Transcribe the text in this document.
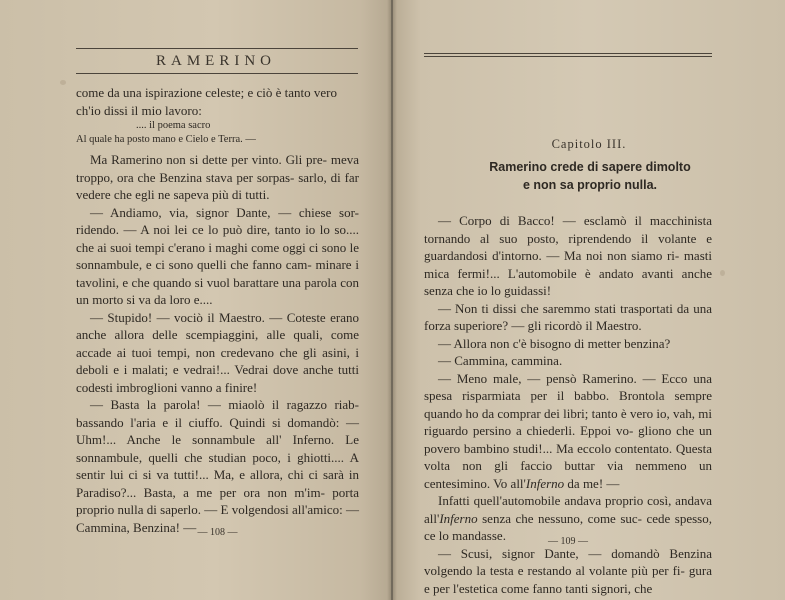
RAMERINO

come da una ispirazione celeste; e ciò è tanto vero

ch'io dissi il mio lavoro:

.... il poema sacro

Al quale ha posto mano e Cielo e Terra. —

Ma Ramerino non si dette per vinto. Gli pre- meva troppo, ora che Benzina stava per sorpas- sarlo, di far vedere che egli ne sapeva più di tutti.

— Andiamo, via, signor Dante, — chiese sor- ridendo. — A noi lei ce lo può dire, tanto io lo so.... che ai suoi tempi c'erano i maghi come oggi ci sono le sonnambule, e ci sono quelli che fanno cam- minare i tavolini, e che quando si vuol barattare una parola con un morto si va da loro e....

— Stupido! — vociò il Maestro. — Coteste erano anche allora delle scempiaggini, alle quali, come accade ai tuoi tempi, non credevano che gli asini, i deboli e i malati; e vedrai!... Vedrai dove anche tutti codesti imbroglioni vanno a finire!

— Basta la parola! — miaolò il ragazzo riab- bassando l'aria e il ciuffo. Quindi si domandò: — Uhm!... Anche le sonnambule all' Inferno. Le sonnambule, quelli che studian poco, i ghiotti.... A sentir lui ci si va tutti!... Ma, e allora, chi ci sarà in Paradiso?... Basta, a me per ora non m'im- porta proprio nulla di saperlo. — E volgendosi all'amico: — Cammina, Benzina! — — 108 —
Capitolo III.
Ramerino crede di sapere dimolto
e non sa proprio nulla.

— Corpo di Bacco! — esclamò il macchinista tornando al suo posto, riprendendo il volante e guardandosi d'intorno. — Ma noi non siamo ri- masti mica fermi!... L'automobile è andato avanti anche senza che io lo guidassi!

— Non ti dissi che saremmo stati trasportati da una forza superiore? — gli ricordò il Maestro.

— Allora non c'è bisogno di metter benzina?

— Cammina, cammina.

— Meno male, — pensò Ramerino. — Ecco una spesa risparmiata per il babbo. Brontola sempre quando ho da comprar dei libri; tanto è vero io, vah, mi riguardo persino a chiederli. Eppoi vo- gliono che un povero bambino studi!... Ma eccolo contentato. Questa volta non gli faccio buttar via nemmeno un centesimino. Vo all'Inferno da me! —

Infatti quell'automobile andava proprio così, andava all'Inferno senza che nessuno, come suc- cede spesso, ce lo mandasse.

— Scusi, signor Dante, — domandò Benzina volgendo la testa e restando al volante più per fi- gura e per l'estetica come fanno tanti signori, che

— 109 —
